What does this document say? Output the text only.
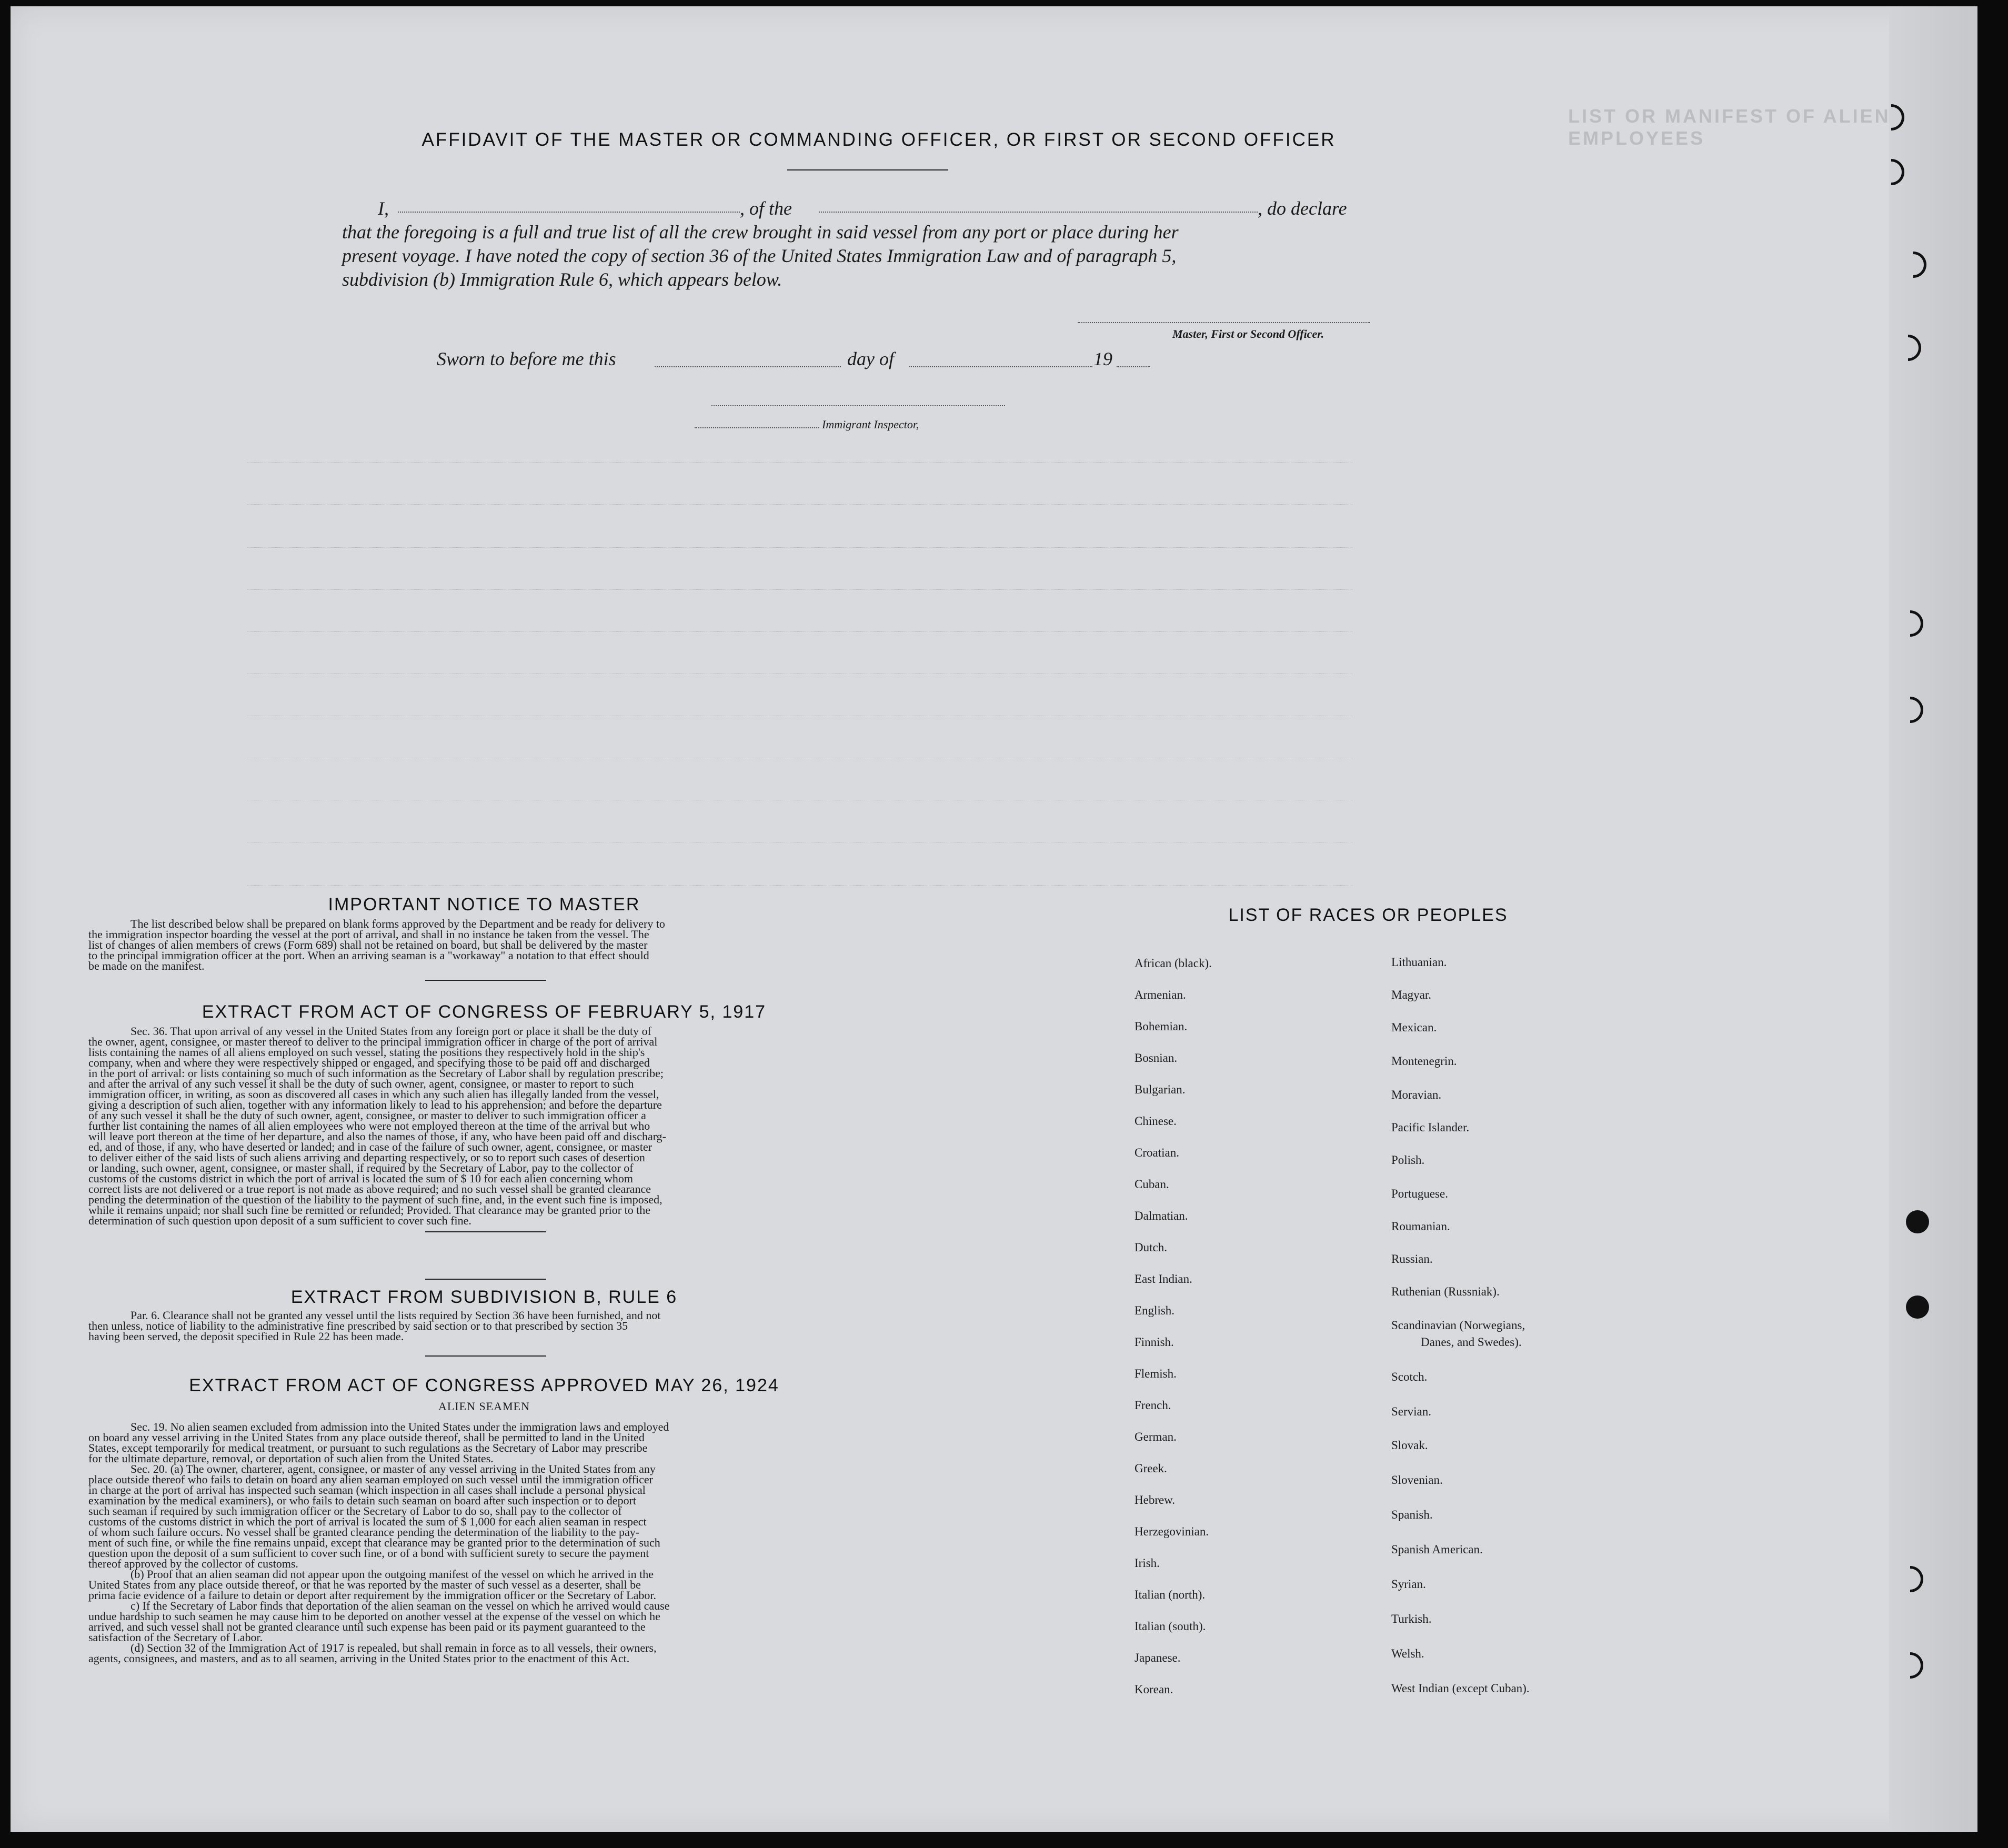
LIST OR MANIFEST OF ALIEN EMPLOYEES
AFFIDAVIT OF THE MASTER OR COMMANDING OFFICER, OR FIRST OR SECOND OFFICER
I,	, of the	, do declare
that the foregoing is a full and true list of all the crew brought in said vessel from any port or place during her
present voyage. I have noted the copy of section 36 of the United States Immigration Law and of paragraph 5,
subdivision (b) Immigration Rule 6, which appears below.
Master, First or Second Officer.
Sworn to before me this	day of	19
Immigrant Inspector,
IMPORTANT NOTICE TO MASTER
The list described below shall be prepared on blank forms approved by the Department and be ready for delivery to
the immigration inspector boarding the vessel at the port of arrival, and shall in no instance be taken from the vessel. The
list of changes of alien members of crews (Form 689) shall not be retained on board, but shall be delivered by the master
to the principal immigration officer at the port. When an arriving seaman is a "workaway" a notation to that effect should
be made on the manifest.
EXTRACT FROM ACT OF CONGRESS OF FEBRUARY 5, 1917
Sec. 36. That upon arrival of any vessel in the United States from any foreign port or place it shall be the duty of
the owner, agent, consignee, or master thereof to deliver to the principal immigration officer in charge of the port of arrival
lists containing the names of all aliens employed on such vessel, stating the positions they respectively hold in the ship's
company, when and where they were respectively shipped or engaged, and specifying those to be paid off and discharged
in the port of arrival: or lists containing so much of such information as the Secretary of Labor shall by regulation prescribe;
and after the arrival of any such vessel it shall be the duty of such owner, agent, consignee, or master to report to such
immigration officer, in writing, as soon as discovered all cases in which any such alien has illegally landed from the vessel,
giving a description of such alien, together with any information likely to lead to his apprehension; and before the departure
of any such vessel it shall be the duty of such owner, agent, consignee, or master to deliver to such immigration officer a
further list containing the names of all alien employees who were not employed thereon at the time of the arrival but who
will leave port thereon at the time of her departure, and also the names of those, if any, who have been paid off and discharg-
ed, and of those, if any, who have deserted or landed; and in case of the failure of such owner, agent, consignee, or master
to deliver either of the said lists of such aliens arriving and departing respectively, or so to report such cases of desertion
or landing, such owner, agent, consignee, or master shall, if required by the Secretary of Labor, pay to the collector of
customs of the customs district in which the port of arrival is located the sum of $ 10 for each alien concerning whom
correct lists are not delivered or a true report is not made as above required; and no such vessel shall be granted clearance
pending the determination of the question of the liability to the payment of such fine, and, in the event such fine is imposed,
while it remains unpaid; nor shall such fine be remitted or refunded; Provided. That clearance may be granted prior to the
determination of such question upon deposit of a sum sufficient to cover such fine.
EXTRACT FROM SUBDIVISION B, RULE 6
Par. 6. Clearance shall not be granted any vessel until the lists required by Section 36 have been furnished, and not
then unless, notice of liability to the administrative fine prescribed by said section or to that prescribed by section 35
having been served, the deposit specified in Rule 22 has been made.
EXTRACT FROM ACT OF CONGRESS APPROVED MAY 26, 1924
ALIEN SEAMEN
Sec. 19. No alien seamen excluded from admission into the United States under the immigration laws and employed
on board any vessel arriving in the United States from any place outside thereof, shall be permitted to land in the United
States, except temporarily for medical treatment, or pursuant to such regulations as the Secretary of Labor may prescribe
for the ultimate departure, removal, or deportation of such alien from the United States.
Sec. 20. (a) The owner, charterer, agent, consignee, or master of any vessel arriving in the United States from any
place outside thereof who fails to detain on board any alien seaman employed on such vessel until the immigration officer
in charge at the port of arrival has inspected such seaman (which inspection in all cases shall include a personal physical
examination by the medical examiners), or who fails to detain such seaman on board after such inspection or to deport
such seaman if required by such immigration officer or the Secretary of Labor to do so, shall pay to the collector of
customs of the customs district in which the port of arrival is located the sum of $ 1,000 for each alien seaman in respect
of whom such failure occurs. No vessel shall be granted clearance pending the determination of the liability to the pay-
ment of such fine, or while the fine remains unpaid, except that clearance may be granted prior to the determination of such
question upon the deposit of a sum sufficient to cover such fine, or of a bond with sufficient surety to secure the payment
thereof approved by the collector of customs.
(b) Proof that an alien seaman did not appear upon the outgoing manifest of the vessel on which he arrived in the
United States from any place outside thereof, or that he was reported by the master of such vessel as a deserter, shall be
prima facie evidence of a failure to detain or deport after requirement by the immigration officer or the Secretary of Labor.
c) If the Secretary of Labor finds that deportation of the alien seaman on the vessel on which he arrived would cause
undue hardship to such seamen he may cause him to be deported on another vessel at the expense of the vessel on which he
arrived, and such vessel shall not be granted clearance until such expense has been paid or its payment guaranteed to the
satisfaction of the Secretary of Labor.
(d) Section 32 of the Immigration Act of 1917 is repealed, but shall remain in force as to all vessels, their owners,
agents, consignees, and masters, and as to all seamen, arriving in the United States prior to the enactment of this Act.
LIST OF RACES OR PEOPLES
African (black).
Armenian.
Bohemian.
Bosnian.
Bulgarian.
Chinese.
Croatian.
Cuban.
Dalmatian.
Dutch.
East Indian.
English.
Finnish.
Flemish.
French.
German.
Greek.
Hebrew.
Herzegovinian.
Irish.
Italian (north).
Italian (south).
Japanese.
Korean.
Lithuanian.
Magyar.
Mexican.
Montenegrin.
Moravian.
Pacific Islander.
Polish.
Portuguese.
Roumanian.
Russian.
Ruthenian (Russniak).
Scandinavian (Norwegians,
Danes, and Swedes).
Scotch.
Servian.
Slovak.
Slovenian.
Spanish.
Spanish American.
Syrian.
Turkish.
Welsh.
West Indian (except Cuban).
